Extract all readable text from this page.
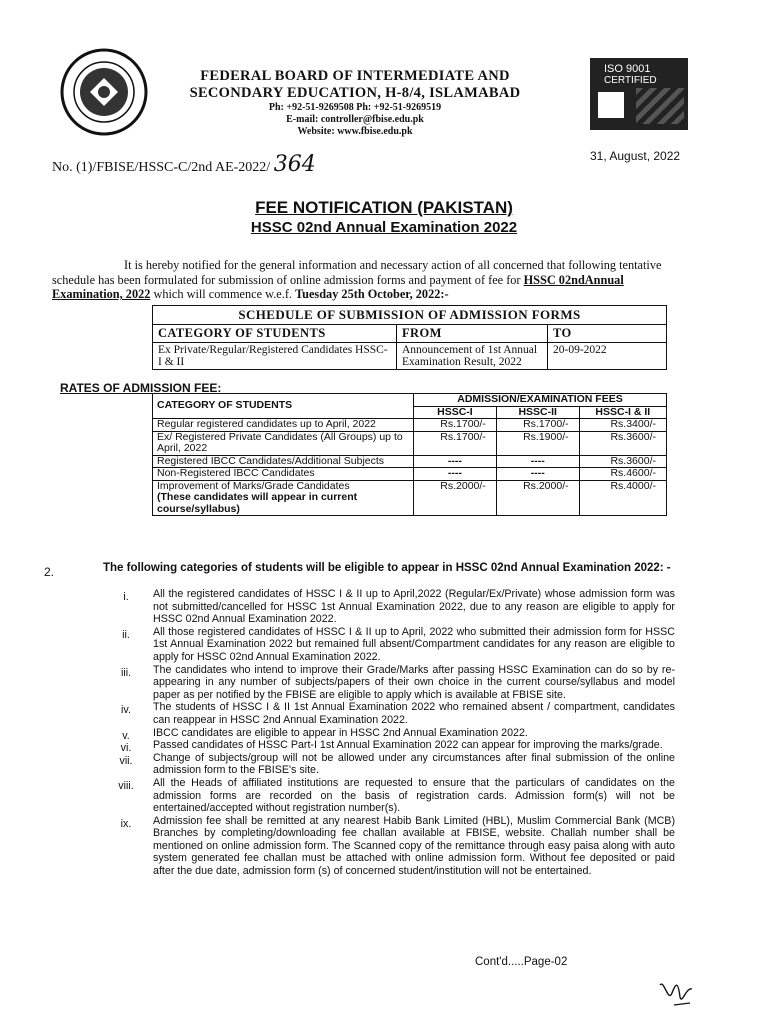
FEDERAL BOARD OF INTERMEDIATE AND
SECONDARY EDUCATION, H-8/4, ISLAMABAD
Ph: +92-51-9269508 Ph: +92-51-9269519
E-mail: controller@fbise.edu.pk
Website: www.fbise.edu.pk
ISO 9001
CERTIFIED
No. (1)/FBISE/HSSC-C/2nd AE-2022/ 364	31, August, 2022
FEE NOTIFICATION (PAKISTAN)
HSSC 02nd Annual Examination 2022
It is hereby notified for the general information and necessary action of all concerned that following tentative schedule has been formulated for submission of online admission forms and payment of fee for HSSC 02ndAnnual Examination, 2022 which will commence w.e.f. Tuesday 25th October, 2022:-
SCHEDULE OF SUBMISSION OF ADMISSION FORMS		
CATEGORY OF STUDENTS	FROM	TO
Ex Private/Regular/Registered Candidates HSSC-I & II	Announcement of 1st Annual Examination Result, 2022	20-09-2022
RATES OF ADMISSION FEE:
CATEGORY OF STUDENTS	ADMISSION/EXAMINATION FEES		
	HSSC-I	HSSC-II	HSSC-I & II
Regular registered candidates up to April, 2022	Rs.1700/-	Rs.1700/-	Rs.3400/-
Ex/ Registered Private Candidates (All Groups) up to April, 2022	Rs.1700/-	Rs.1900/-	Rs.3600/-
Registered IBCC Candidates/Additional Subjects	----	----	Rs.3600/-
Non-Registered IBCC Candidates	----	----	Rs.4600/-

Improvement of Marks/Grade Candidates
(These candidates will appear in current course/syllabus)	Rs.2000/-	Rs.2000/-	Rs.4000/-
2.	The following categories of students will be eligible to appear in HSSC 02nd Annual Examination 2022: -
i.	All the registered candidates of HSSC I & II up to April,2022 (Regular/Ex/Private) whose admission form was not submitted/cancelled for HSSC 1st Annual Examination 2022, due to any reason are eligible to apply for HSSC 02nd Annual Examination 2022.
ii.	All those registered candidates of HSSC I & II up to April, 2022 who submitted their admission form for HSSC 1st Annual Examination 2022 but remained full absent/Compartment candidates for any reason are eligible to apply for HSSC 02nd Annual Examination 2022.
iii.	The candidates who intend to improve their Grade/Marks after passing HSSC Examination can do so by re-appearing in any number of subjects/papers of their own choice in the current course/syllabus and model paper as per notified by the FBISE are eligible to apply which is available at FBISE site.
iv.	The students of HSSC I & II 1st Annual Examination 2022 who remained absent / compartment, candidates can reappear in HSSC 2nd Annual Examination 2022.
v.	IBCC candidates are eligible to appear in HSSC 2nd Annual Examination 2022.
vi.	Passed candidates of HSSC Part-I 1st Annual Examination 2022 can appear for improving the marks/grade.
vii.	Change of subjects/group will not be allowed under any circumstances after final submission of the online admission form to the FBISE's site.
viii.	All the Heads of affiliated institutions are requested to ensure that the particulars of candidates on the admission forms are recorded on the basis of registration cards. Admission form(s) will not be entertained/accepted without registration number(s).
ix.	Admission fee shall be remitted at any nearest Habib Bank Limited (HBL), Muslim Commercial Bank (MCB) Branches by completing/downloading fee challan available at FBISE, website. Challah number shall be mentioned on online admission form. The Scanned copy of the remittance through easy paisa along with auto system generated fee challan must be attached with online admission form. Without fee deposited or paid after the due date, admission form (s) of concerned student/institution will not be entertained.
Cont'd.....Page-02
